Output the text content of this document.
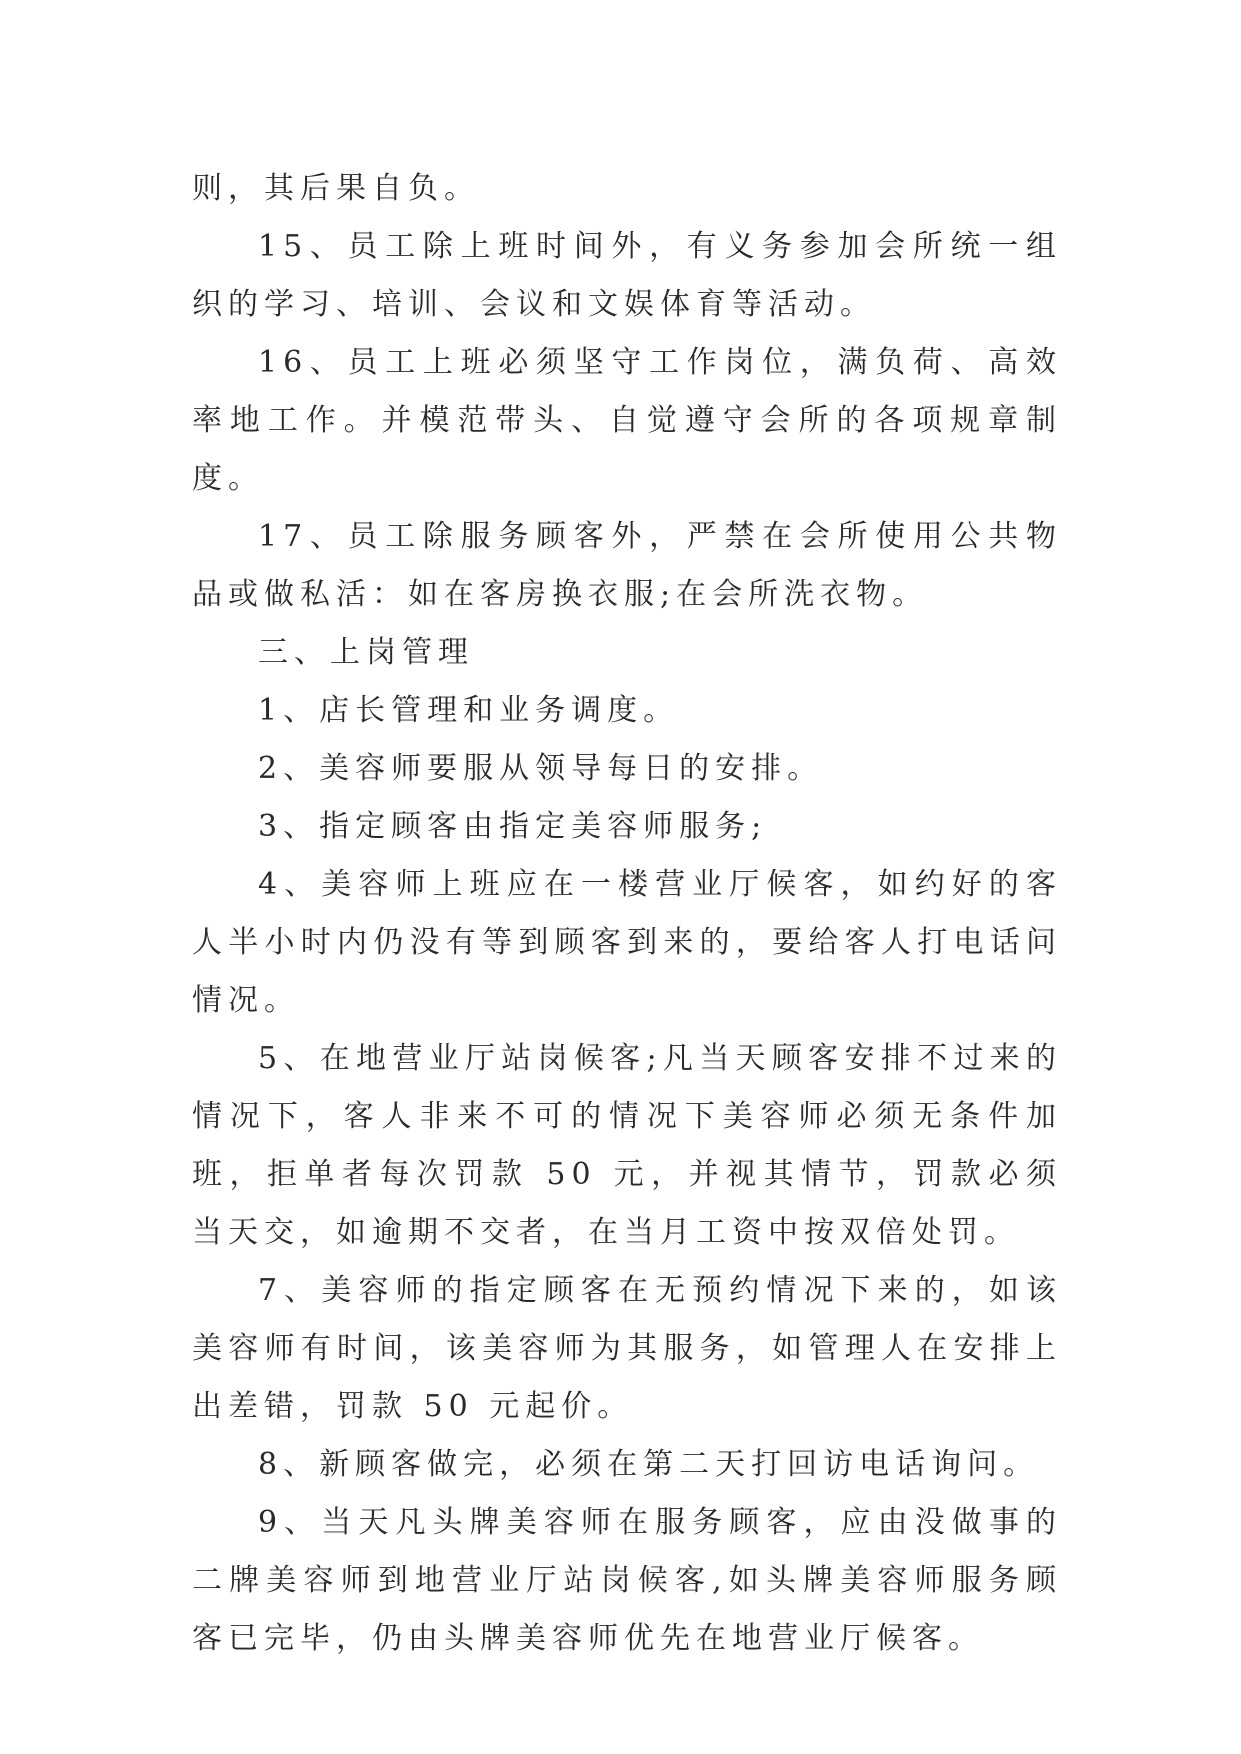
则，其后果自负。

15、员工除上班时间外，有义务参加会所统一组织的学习、培训、会议和文娱体育等活动。

16、员工上班必须坚守工作岗位，满负荷、高效率地工作。并模范带头、自觉遵守会所的各项规章制度。

17、员工除服务顾客外，严禁在会所使用公共物品或做私活：如在客房换衣服;在会所洗衣物。

三、上岗管理

1、店长管理和业务调度。

2、美容师要服从领导每日的安排。

3、指定顾客由指定美容师服务;

4、美容师上班应在一楼营业厅候客，如约好的客人半小时内仍没有等到顾客到来的，要给客人打电话问情况。

5、在地营业厅站岗候客;凡当天顾客安排不过来的情况下，客人非来不可的情况下美容师必须无条件加班，拒单者每次罚款 50 元，并视其情节，罚款必须当天交，如逾期不交者，在当月工资中按双倍处罚。

7、美容师的指定顾客在无预约情况下来的，如该美容师有时间，该美容师为其服务，如管理人在安排上出差错，罚款 50 元起价。

8、新顾客做完，必须在第二天打回访电话询问。

9、当天凡头牌美容师在服务顾客，应由没做事的二牌美容师到地营业厅站岗候客,如头牌美容师服务顾客已完毕，仍由头牌美容师优先在地营业厅候客。
